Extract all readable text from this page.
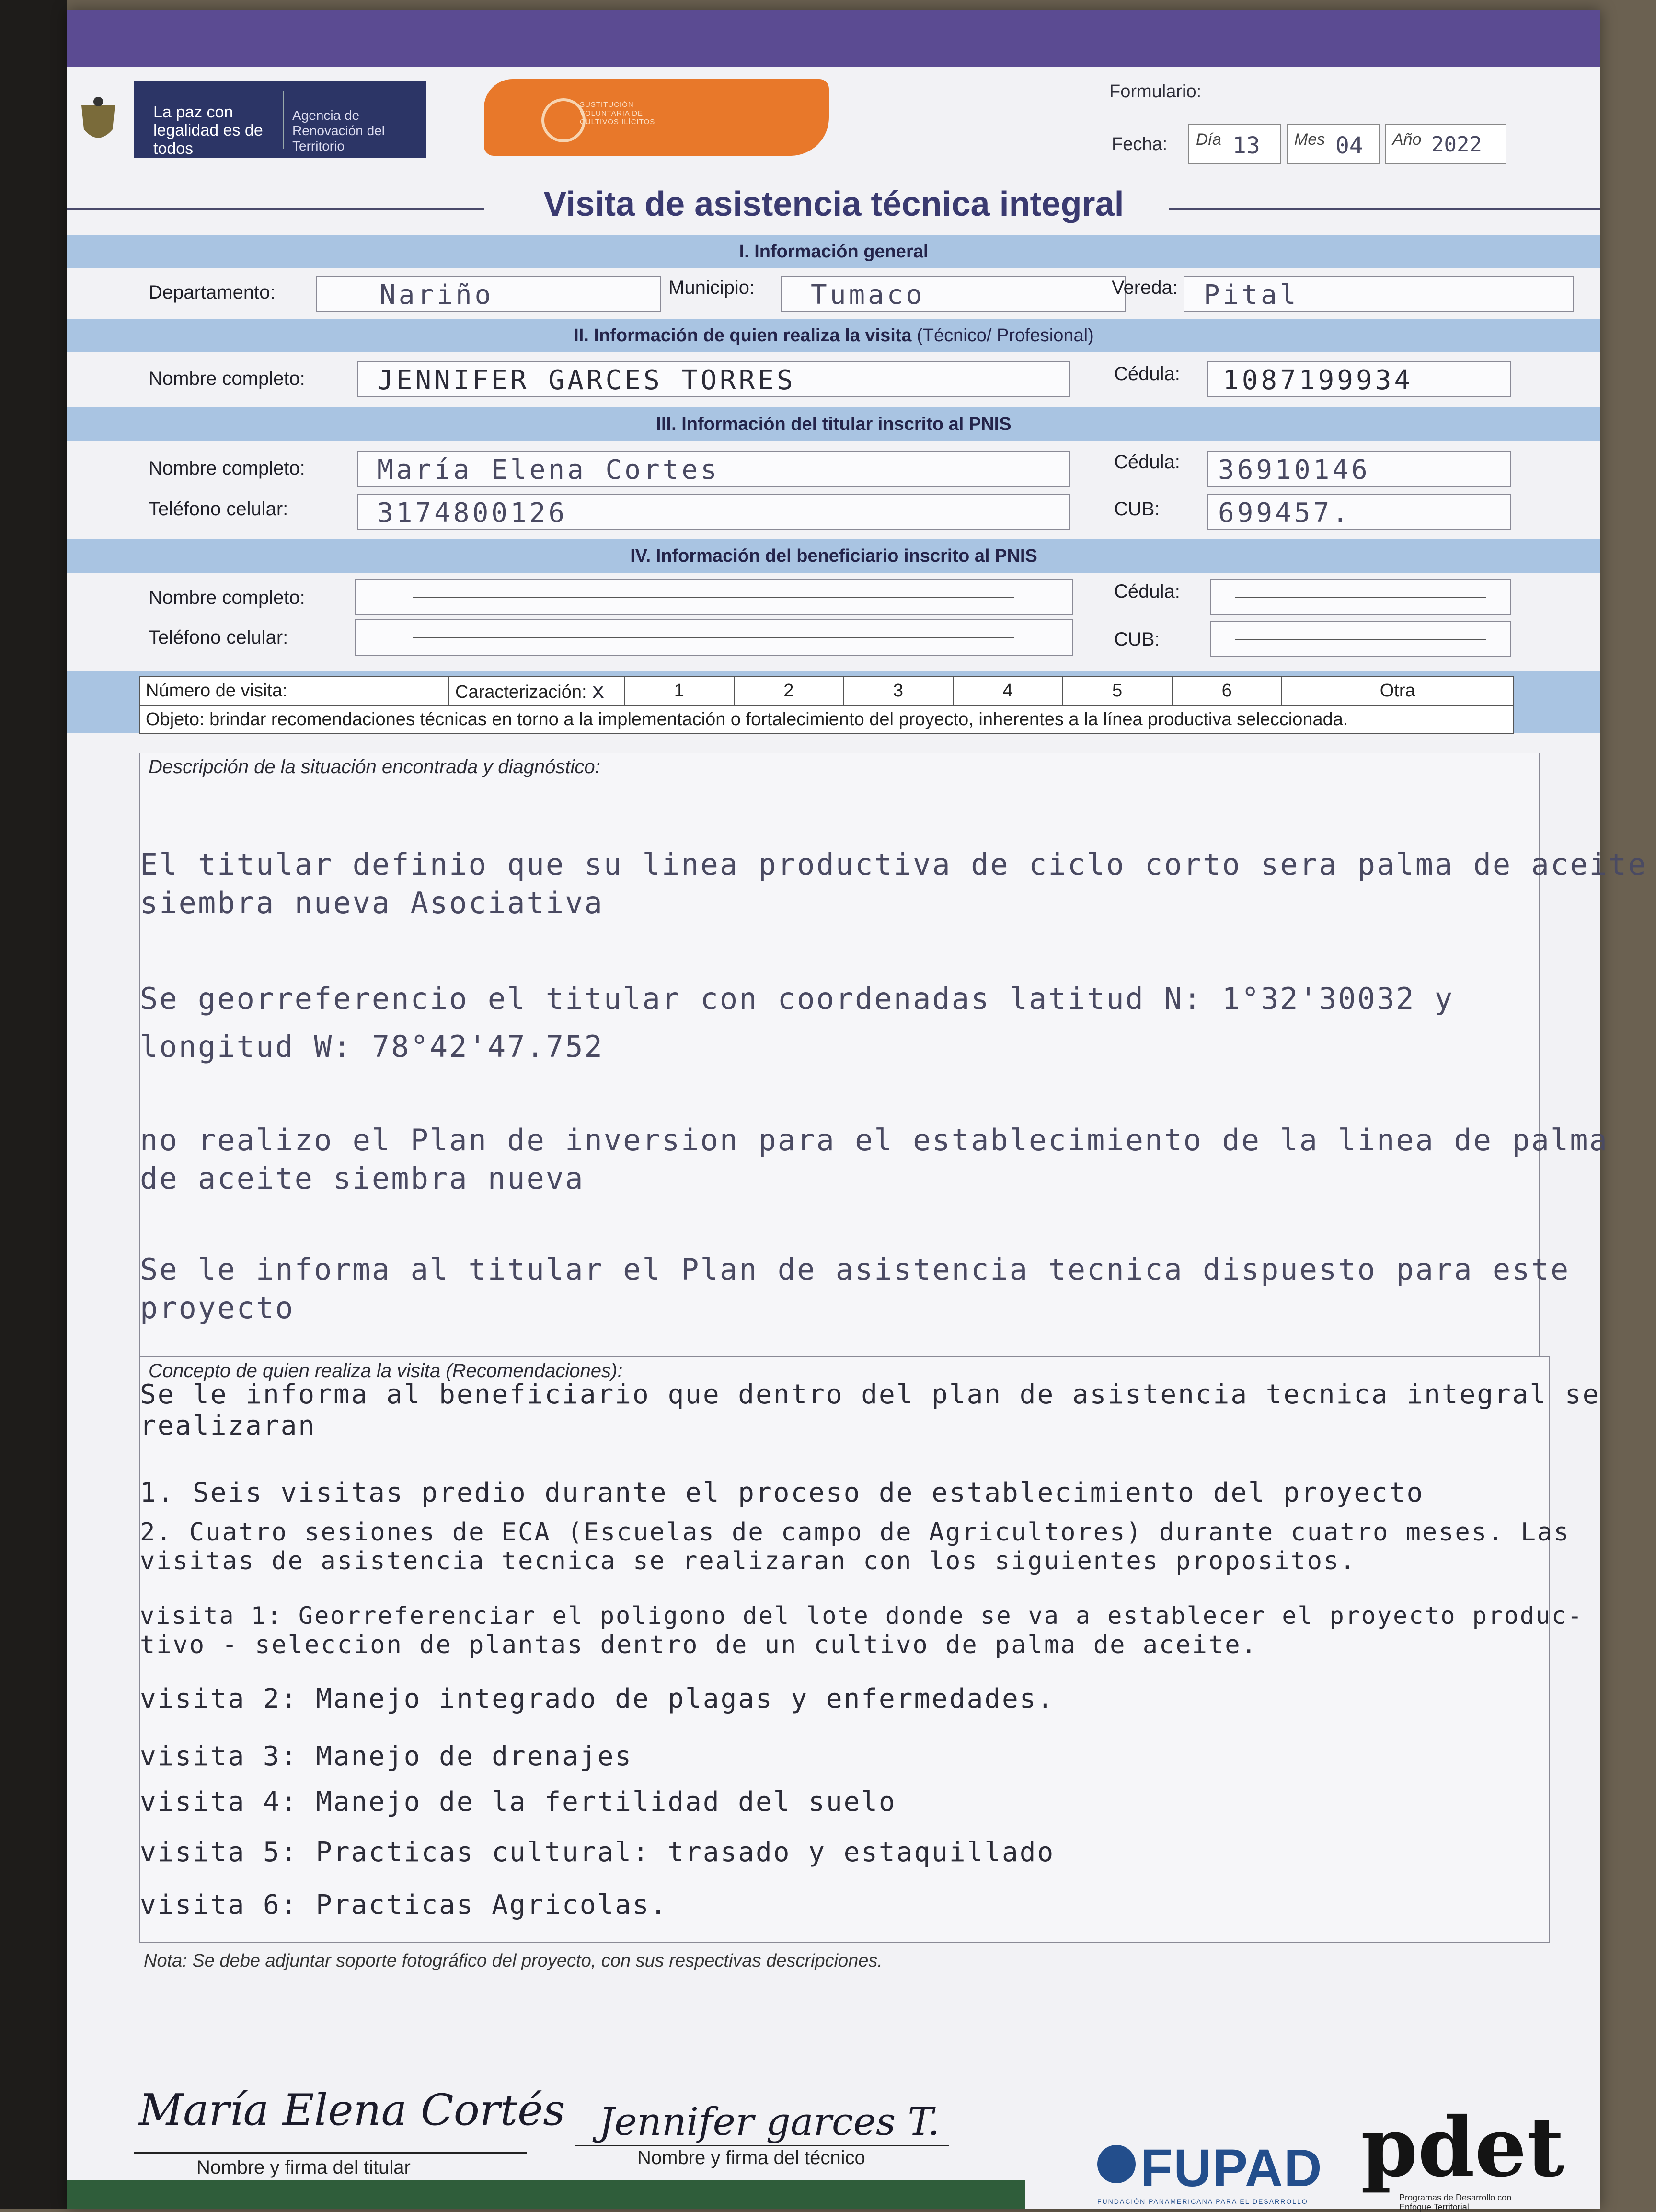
La paz con legalidad es de todos
Agencia de Renovación del Territorio
SUSTITUCIÓN VOLUNTARIA DE CULTIVOS ILÍCITOS
Formulario:
Fecha: Día 13 Mes 04 Año 2022
Visita de asistencia técnica integral
I. Información general
Departamento:	Nariño	Municipio: Tumaco	Vereda: Pital
II. Información de quien realiza la visita (Técnico/ Profesional)
Nombre completo:	JENNIFER GARCES TORRES	Cédula: 1087199934
III. Información del titular inscrito al PNIS
Nombre completo:	María Elena Cortes	Cédula: 36910146
Teléfono celular:	3174800126	CUB: 699457.
IV. Información del beneficiario inscrito al PNIS
Nombre completo:	Cédula:
Teléfono celular:	CUB:
Número de visita:	Caracterización: x	1	2	3	4	5	6	Otra
Objeto: brindar recomendaciones técnicas en torno a la implementación o fortalecimiento del proyecto, inherentes a la línea productiva seleccionada.
Descripción de la situación encontrada y diagnóstico:
El titular definio que su linea productiva de ciclo corto sera palma de aceite
siembra nueva Asociativa
Se georreferencio el titular con coordenadas latitud N: 1°32'30032 y
longitud W: 78°42'47.752
no realizo el Plan de inversion para el establecimiento de la linea de palma
de aceite siembra nueva
Se le informa al titular el Plan de asistencia tecnica dispuesto para este
proyecto
Concepto de quien realiza la visita (Recomendaciones):
Se le informa al beneficiario que dentro del plan de asistencia tecnica integral se
realizaran
1. Seis visitas predio durante el proceso de establecimiento del proyecto
2. Cuatro sesiones de ECA (Escuelas de campo de Agricultores) durante cuatro meses. Las
visitas de asistencia tecnica se realizaran con los siguientes propositos.
visita 1: Georreferenciar el poligono del lote donde se va a establecer el proyecto produc-
tivo - seleccion de plantas dentro de un cultivo de palma de aceite.
visita 2: Manejo integrado de plagas y enfermedades.
visita 3: Manejo de drenajes
visita 4: Manejo de la fertilidad del suelo
visita 5: Practicas cultural: trasado y estaquillado
visita 6: Practicas Agricolas.
Nota: Se debe adjuntar soporte fotográfico del proyecto, con sus respectivas descripciones.
María Elena Cortés
Nombre y firma del titular
Jennifer garces T.
Nombre y firma del técnico	FUPAD
FUNDACIÓN PANAMERICANA PARA EL DESARROLLO
pdet
Programas de Desarrollo con Enfoque Territorial
